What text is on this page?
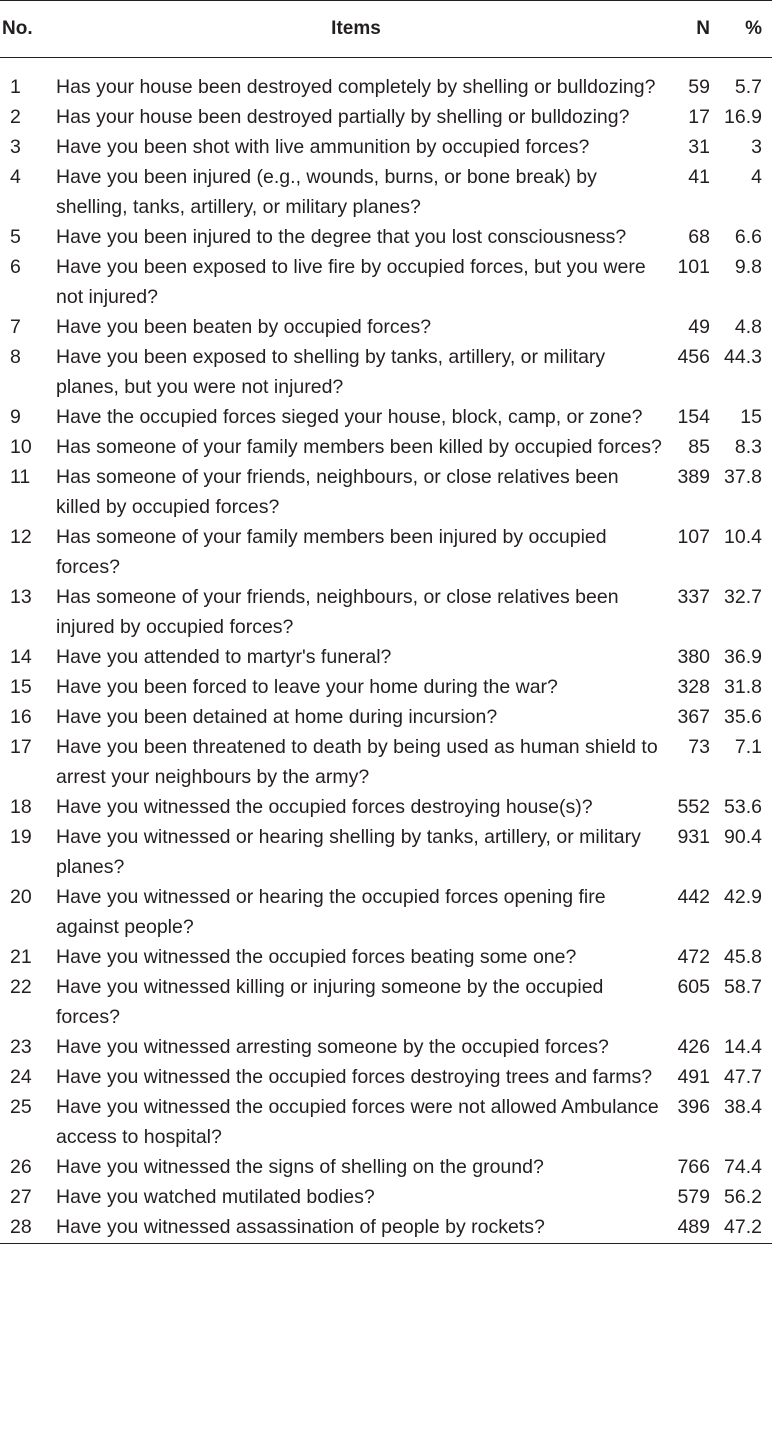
No.	Items	N	%
1	Has your house been destroyed completely by shelling or bulldozing?	59	5.7
2	Has your house been destroyed partially by shelling or bulldozing?	17	16.9
3	Have you been shot with live ammunition by occupied forces?	31	3
4	Have you been injured (e.g., wounds, burns, or bone break) by shelling, tanks, artillery, or military planes?	41	4
5	Have you been injured to the degree that you lost consciousness?	68	6.6
6	Have you been exposed to live fire by occupied forces, but you were not injured?	101	9.8
7	Have you been beaten by occupied forces?	49	4.8
8	Have you been exposed to shelling by tanks, artillery, or military planes, but you were not injured?	456	44.3
9	Have the occupied forces sieged your house, block, camp, or zone?	154	15
10	Has someone of your family members been killed by occupied forces?	85	8.3
11	Has someone of your friends, neighbours, or close relatives been killed by occupied forces?	389	37.8
12	Has someone of your family members been injured by occupied forces?	107	10.4
13	Has someone of your friends, neighbours, or close relatives been injured by occupied forces?	337	32.7
14	Have you attended to martyr's funeral?	380	36.9
15	Have you been forced to leave your home during the war?	328	31.8
16	Have you been detained at home during incursion?	367	35.6
17	Have you been threatened to death by being used as human shield to arrest your neighbours by the army?	73	7.1
18	Have you witnessed the occupied forces destroying house(s)?	552	53.6
19	Have you witnessed or hearing shelling by tanks, artillery, or military planes?	931	90.4
20	Have you witnessed or hearing the occupied forces opening fire against people?	442	42.9
21	Have you witnessed the occupied forces beating some one?	472	45.8
22	Have you witnessed killing or injuring someone by the occupied forces?	605	58.7
23	Have you witnessed arresting someone by the occupied forces?	426	14.4
24	Have you witnessed the occupied forces destroying trees and farms?	491	47.7
25	Have you witnessed the occupied forces were not allowed Ambulance access to hospital?	396	38.4
26	Have you witnessed the signs of shelling on the ground?	766	74.4
27	Have you watched mutilated bodies?	579	56.2
28	Have you witnessed assassination of people by rockets?	489	47.2
